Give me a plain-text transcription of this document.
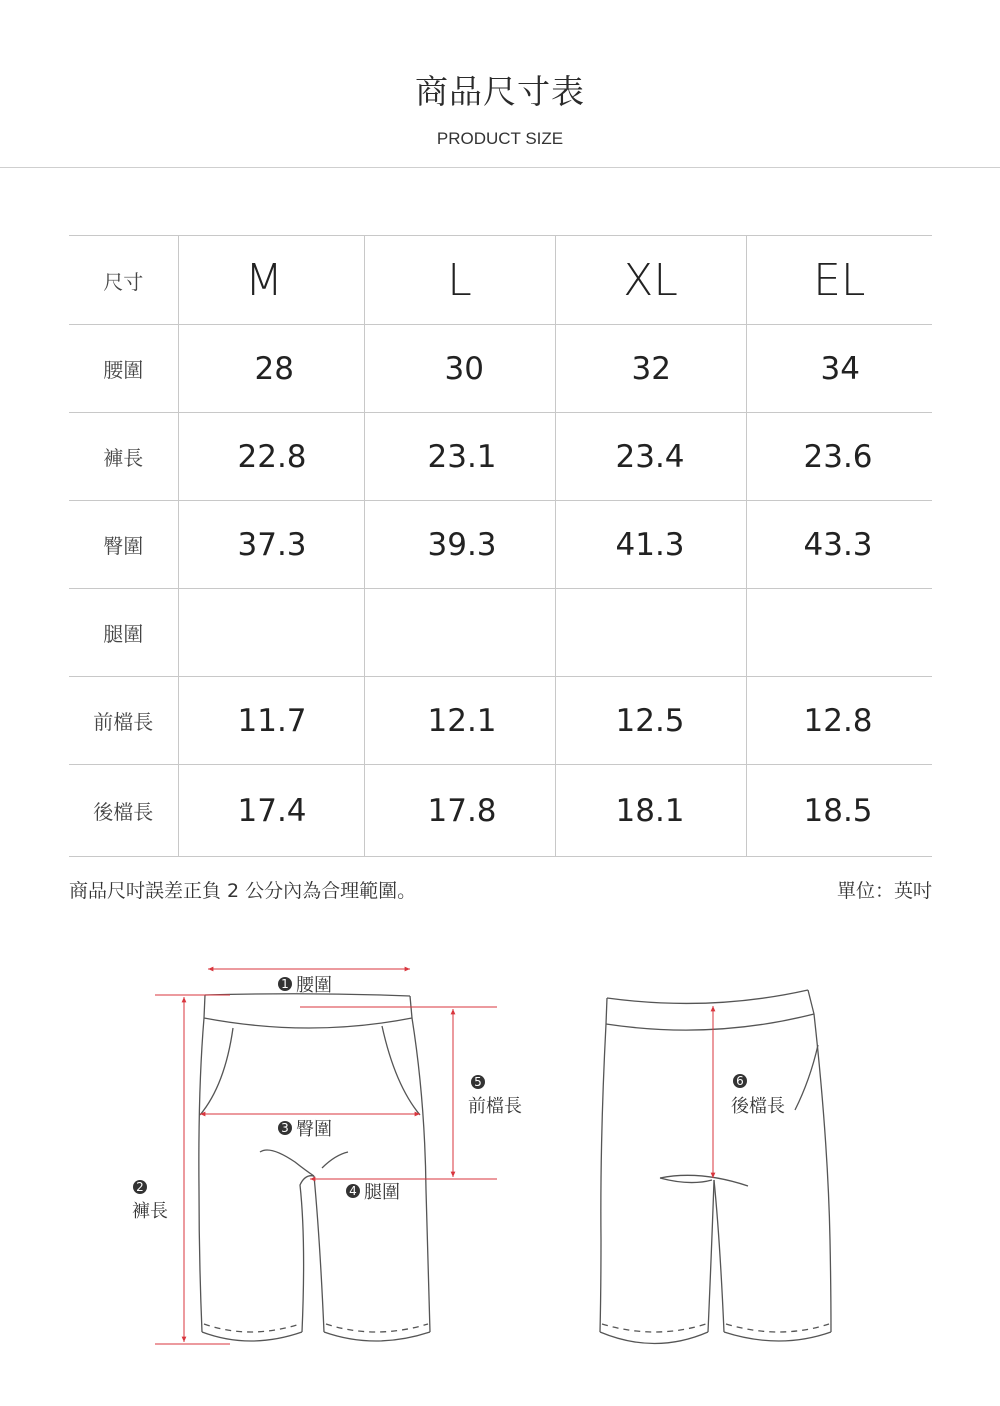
商品尺寸表
PRODUCT SIZE
尺寸	M	L	XL	EL
腰圍	28	30	32	34
褲長	22.8	23.1	23.4	23.6
臀圍	37.3	39.3	41.3	43.3
腿圍				
前檔長	11.7	12.1	12.5	12.8
後檔長	17.4	17.8	18.1	18.5
商品尺吋誤差正負 2 公分內為合理範圍。	單位：英吋
1 腰圍
2
褲長
3 臀圍
4 腿圍
5
前檔長
6
後檔長
